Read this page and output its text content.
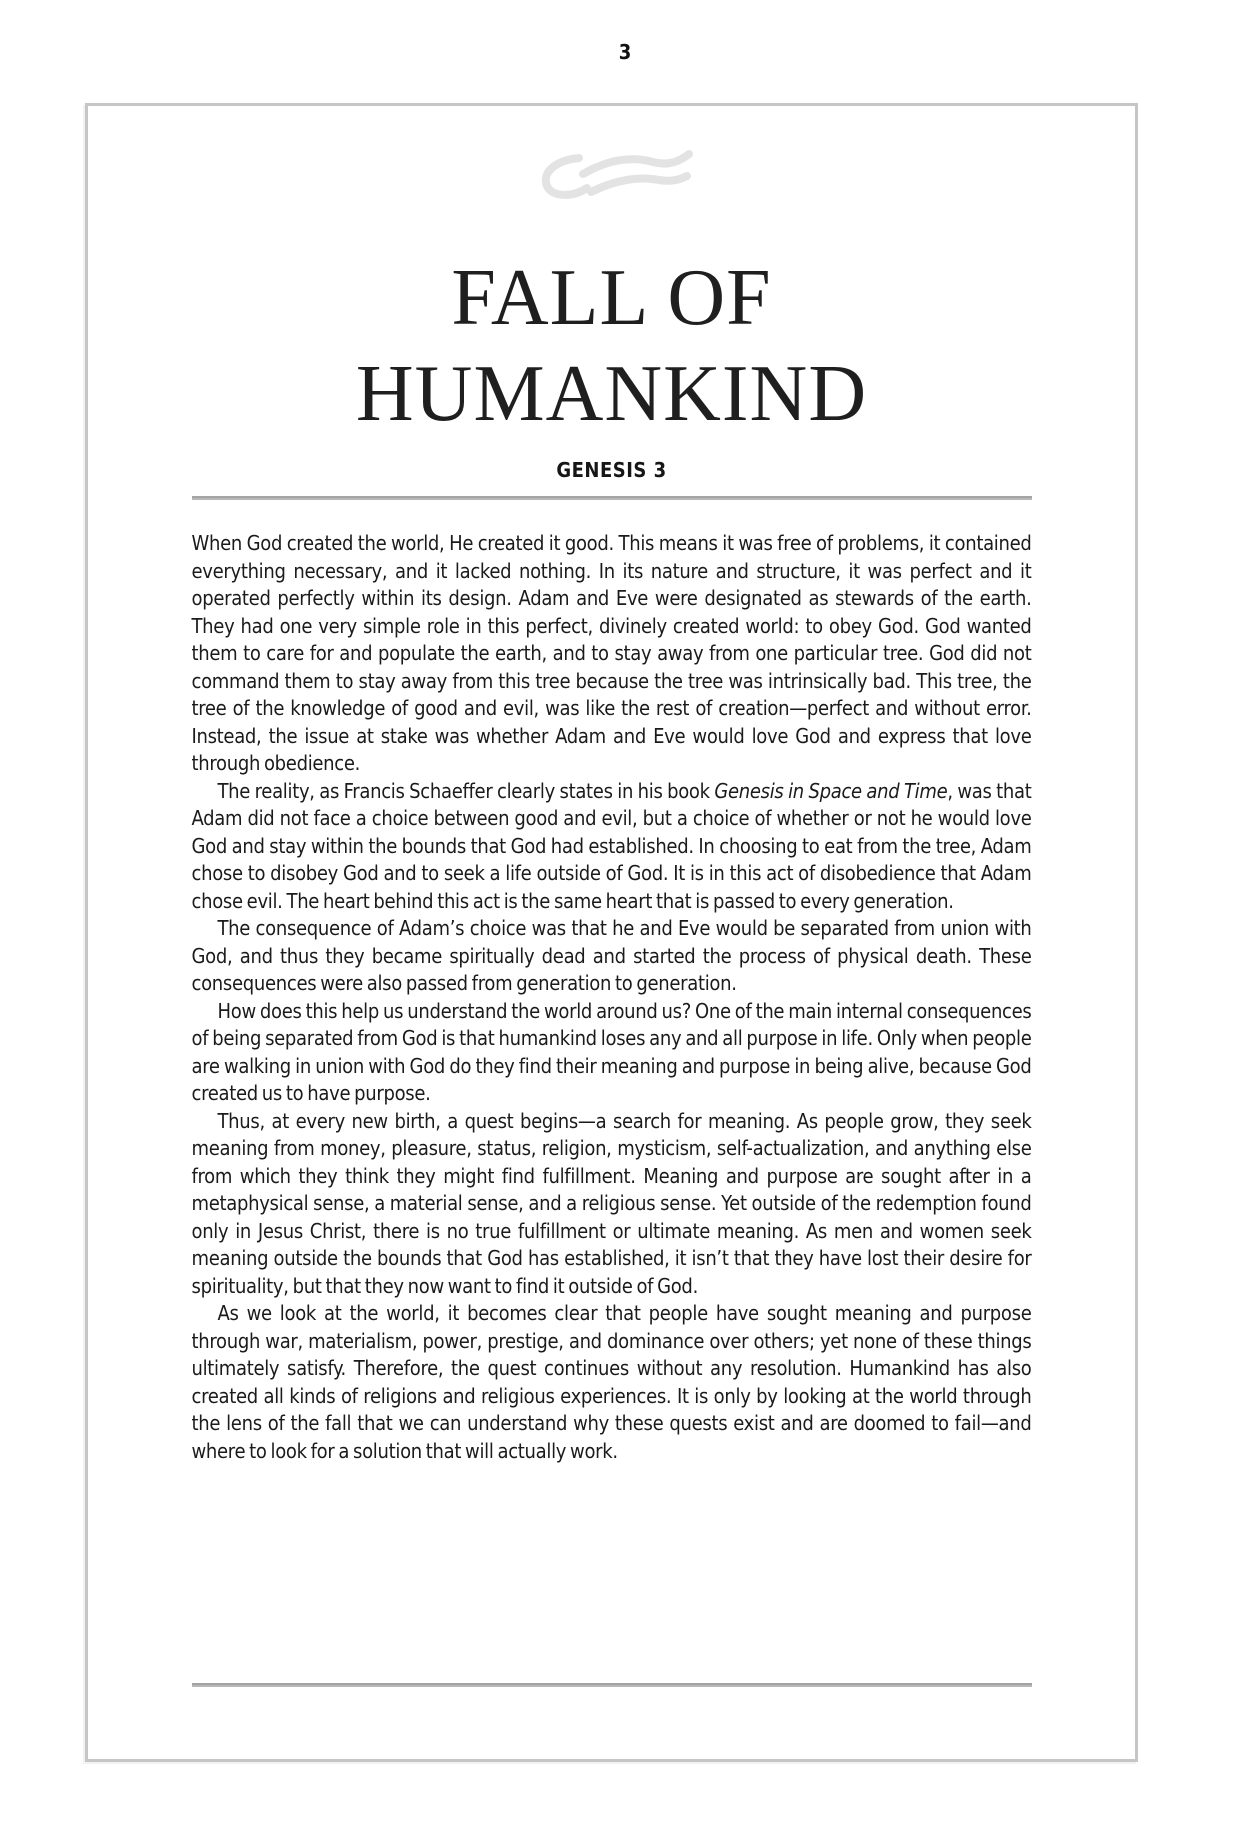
3
FALL OF
HUMANKIND
GENESIS 3

When God created the world, He created it good. This means it was free of problems, it contained everything necessary, and it lacked nothing. In its nature and structure, it was perfect and it operated perfectly within its design. Adam and Eve were designated as stewards of the earth. They had one very simple role in this perfect, divinely created world: to obey God. God wanted them to care for and populate the earth, and to stay away from one particular tree. God did not command them to stay away from this tree because the tree was intrinsically bad. This tree, the tree of the knowledge of good and evil, was like the rest of creation—perfect and without error. Instead, the issue at stake was whether Adam and Eve would love God and express that love through obedience.

The reality, as Francis Schaeffer clearly states in his book Genesis in Space and Time, was that Adam did not face a choice between good and evil, but a choice of whether or not he would love God and stay within the bounds that God had established. In choosing to eat from the tree, Adam chose to disobey God and to seek a life outside of God. It is in this act of disobedience that Adam chose evil. The heart behind this act is the same heart that is passed to every generation.

The consequence of Adam’s choice was that he and Eve would be separated from union with God, and thus they became spiritually dead and started the process of physical death. These consequences were also passed from generation to generation.

How does this help us understand the world around us? One of the main internal consequences of being separated from God is that humankind loses any and all purpose in life. Only when people are walking in union with God do they find their meaning and purpose in being alive, because God created us to have purpose.

Thus, at every new birth, a quest begins—a search for meaning. As people grow, they seek meaning from money, pleasure, status, religion, mysticism, self-actualization, and anything else from which they think they might find fulfillment. Meaning and purpose are sought after in a metaphysical sense, a material sense, and a religious sense. Yet outside of the redemption found only in Jesus Christ, there is no true fulfillment or ultimate meaning. As men and women seek meaning outside the bounds that God has established, it isn’t that they have lost their desire for spirituality, but that they now want to find it outside of God.

As we look at the world, it becomes clear that people have sought meaning and purpose through war, materialism, power, prestige, and dominance over others; yet none of these things ultimately satisfy. Therefore, the quest continues without any resolution. Humankind has also created all kinds of religions and religious experiences. It is only by looking at the world through the lens of the fall that we can understand why these quests exist and are doomed to fail—and where to look for a solution that will actually work.
